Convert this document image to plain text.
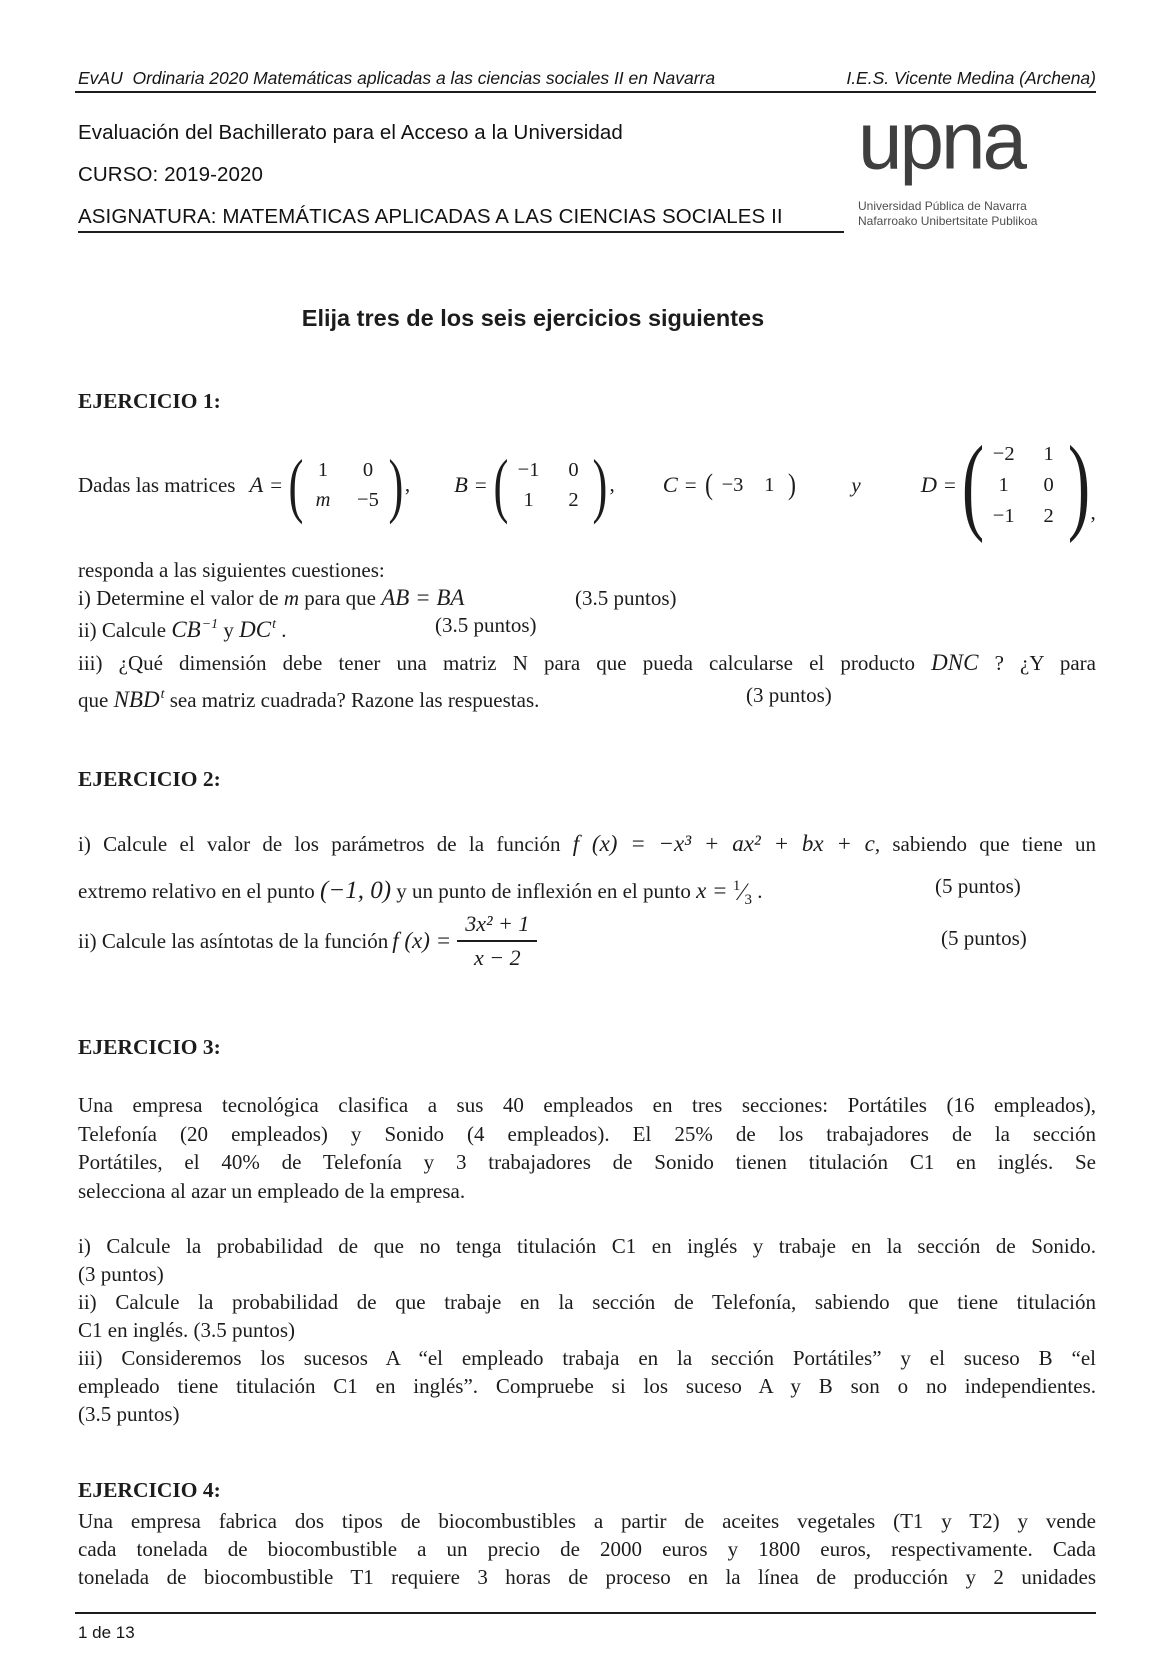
EvAU  Ordinaria 2020 Matemáticas aplicadas a las ciencias sociales II en Navarra	I.E.S. Vicente Medina (Archena)
Evaluación del Bachillerato para el Acceso a la Universidad
CURSO: 2019-2020
ASIGNATURA: MATEMÁTICAS APLICADAS A LAS CIENCIAS SOCIALES II
upna
Universidad Pública de Navarra
Nafarroako Unibertsitate Publikoa
Elija tres de los seis ejercicios siguientes
EJERCICIO 1:
Dadas las matrices A = ( 1 0
m −5 ) , B = ( −1 0
1 2 ) , C = ( −3 1 )	y	D = ( −2 1
1 0
−1 2 ) ,
responda a las siguientes cuestiones:
i) Determine el valor de m para que AB = BA	(3.5 puntos)
ii) Calcule $CB^{-1}$ y $DC^t$ .	(3.5 puntos)
iii) ¿Qué dimensión debe tener una matriz N para que pueda calcularse el producto DNC ? ¿Y para
que NBD$^t$ sea matriz cuadrada? Razone las respuestas.	(3 puntos)
EJERCICIO 2:
i) Calcule el valor de los parámetros de la función f (x) = −x³ + ax² + bx + c, sabiendo que tiene un
extremo relativo en el punto (−1, 0) y un punto de inflexión en el punto $x = ^1⁄_3$ .	(5 puntos)
ii) Calcule las asíntotas de la función f $(x) = \frac{\text{3x² + 1}}{x - 2}$	(5 puntos)
EJERCICIO 3:
Una empresa tecnológica clasifica a sus 40 empleados en tres secciones: Portátiles (16 empleados),
Telefonía (20 empleados) y Sonido (4 empleados). El 25% de los trabajadores de la sección
Portátiles, el 40% de Telefonía y 3 trabajadores de Sonido tienen titulación C1 en inglés. Se
selecciona al azar un empleado de la empresa.
i) Calcule la probabilidad de que no tenga titulación C1 en inglés y trabaje en la sección de Sonido.
(3 puntos)
ii) Calcule la probabilidad de que trabaje en la sección de Telefonía, sabiendo que tiene titulación
C1 en inglés. (3.5 puntos)
iii) Consideremos los sucesos A “el empleado trabaja en la sección Portátiles” y el suceso B “el
empleado tiene titulación C1 en inglés”. Compruebe si los suceso A y B son o no independientes.
(3.5 puntos)
EJERCICIO 4:
Una empresa fabrica dos tipos de biocombustibles a partir de aceites vegetales (T1 y T2) y vende
cada tonelada de biocombustible a un precio de 2000 euros y 1800 euros, respectivamente. Cada
tonelada de biocombustible T1 requiere 3 horas de proceso en la línea de producción y 2 unidades
1 de 13
